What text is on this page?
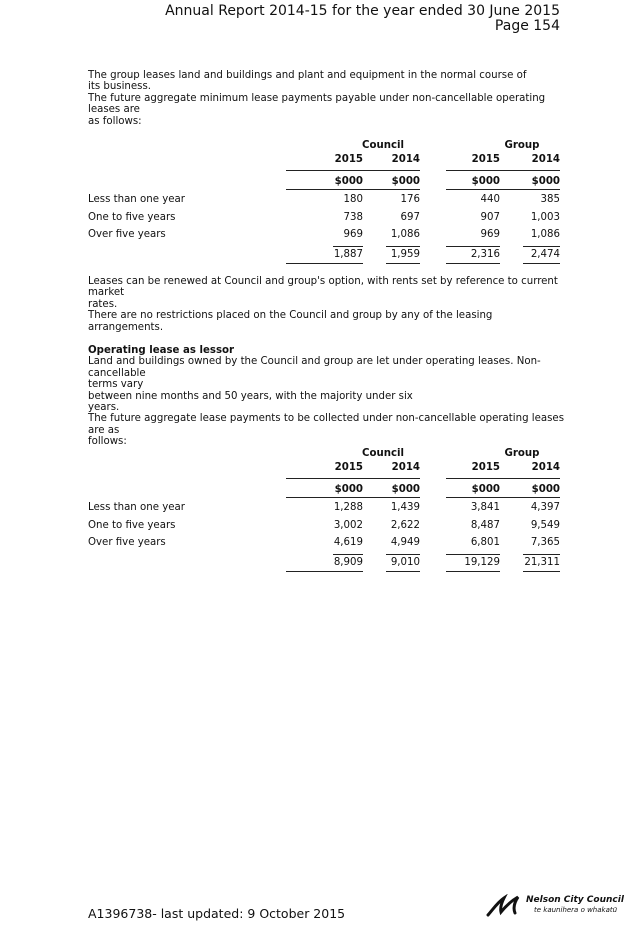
Annual Report 2014-15 for the year ended 30 June 2015
Page 154
The group leases land and buildings and plant and equipment in the normal course of
its business.
The future aggregate minimum lease payments payable under non-cancellable operating leases are
as follows:
Council	Group
2015	2014	2015	2014
$000	$000	$000	$000
Less than one year	180	176	440	385
One to five years	738	697	907	1,003
Over five years	969	1,086	969	1,086
1,887	1,959	2,316	2,474
Leases can be renewed at Council and group's option, with rents set by reference to current market
rates.
There are no restrictions placed on the Council and group by any of the leasing
arrangements.
Operating lease as lessor
Land and buildings owned by the Council and group are let under operating leases. Non-cancellable
terms vary
between nine months and 50 years, with the majority under six
years.
The future aggregate lease payments to be collected under non-cancellable operating leases are as
follows:
Council	Group
2015	2014	2015	2014
$000	$000	$000	$000
Less than one year	1,288	1,439	3,841	4,397
One to five years	3,002	2,622	8,487	9,549
Over five years	4,619	4,949	6,801	7,365
8,909	9,010	19,129	21,311
A1396738- last updated: 9 October 2015
Nelson City Council
te kaunihera o whakatū
